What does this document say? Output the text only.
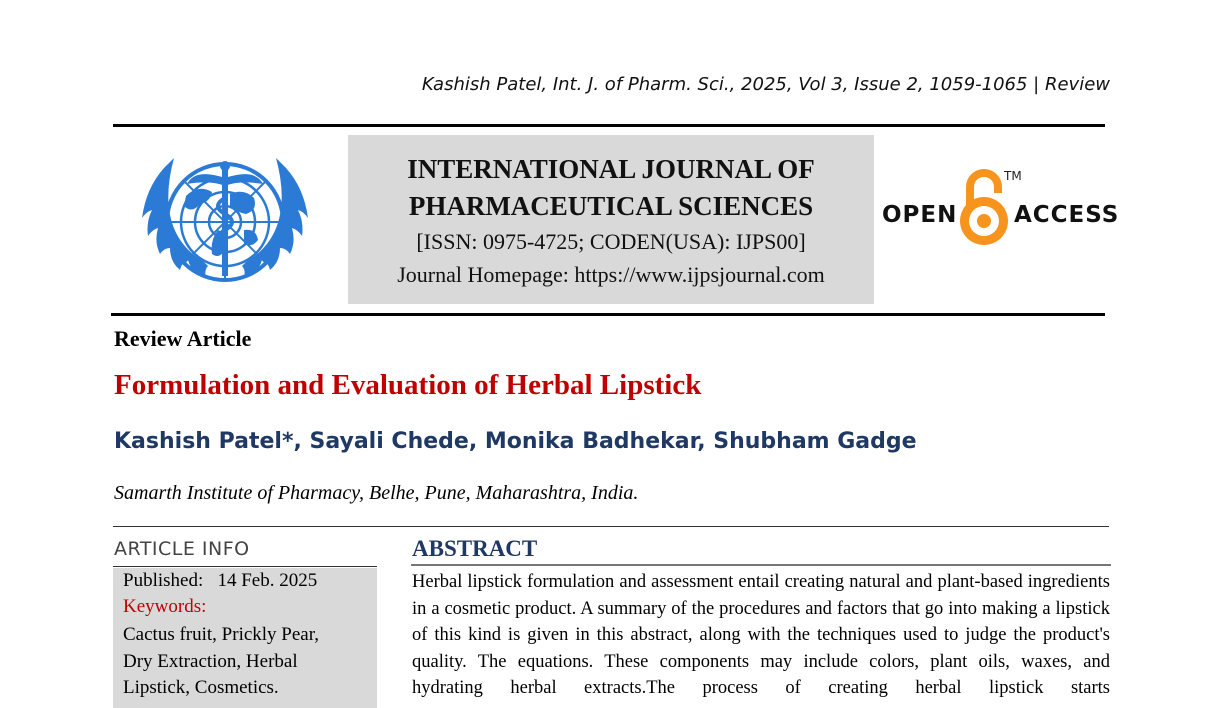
Kashish Patel, Int. J. of Pharm. Sci., 2025, Vol 3, Issue 2, 1059-1065 | Review
INTERNATIONAL JOURNAL OF
PHARMACEUTICAL SCIENCES
[ISSN: 0975-4725; CODEN(USA): IJPS00]
Journal Homepage: https://www.ijpsjournal.com
OPEN
TM
ACCESS
Review Article
Formulation and Evaluation of Herbal Lipstick
Kashish Patel*, Sayali Chede, Monika Badhekar, Shubham Gadge
Samarth Institute of Pharmacy, Belhe, Pune, Maharashtra, India.
ARTICLE INFO
Published:   14 Feb. 2025
Keywords:
Cactus fruit, Prickly Pear, Dry Extraction, Herbal Lipstick, Cosmetics.
ABSTRACT
Herbal lipstick formulation and assessment entail creating natural and plant-based ingredients in a cosmetic product. A summary of the procedures and factors that go into making a lipstick of this kind is given in this abstract, along with the techniques used to judge the product's quality. The equations. These components may include colors, plant oils, waxes, and hydrating herbal extracts.The process of creating herbal lipstick starts
